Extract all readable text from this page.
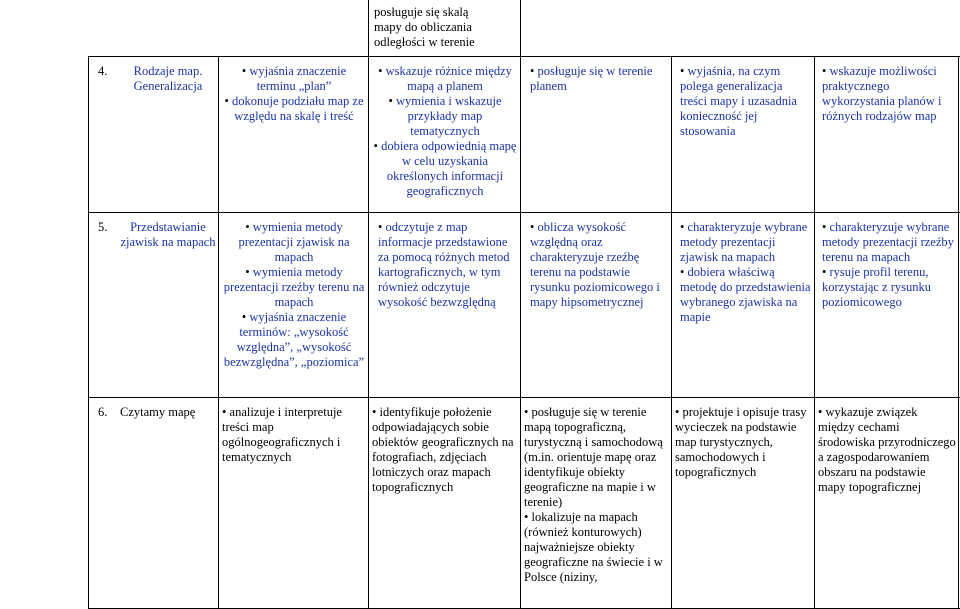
posługuje się skalą
mapy do obliczania
odległości w terenie
4.	Rodzaje map. Generalizacja
• wyjaśnia znaczenie terminu „plan”
• dokonuje podziału map ze względu na skalę i treść
• wskazuje różnice między mapą a planem
• wymienia i wskazuje przykłady map tematycznych
• dobiera odpowiednią mapę w celu uzyskania określonych informacji geograficznych
• posługuje się w terenie planem
• wyjaśnia, na czym polega generalizacja treści mapy i uzasadnia konieczność jej stosowania
• wskazuje możliwości praktycznego wykorzystania planów i różnych rodzajów map
5.	Przedstawianie zjawisk na mapach
• wymienia metody prezentacji zjawisk na mapach
• wymienia metody prezentacji rzeźby terenu na mapach
• wyjaśnia znaczenie terminów: „wysokość względna”, „wysokość bezwzględna”, „poziomica”
• odczytuje z map informacje przedstawione za pomocą różnych metod kartograficznych, w tym również odczytuje wysokość bezwzględną
• oblicza wysokość względną oraz charakteryzuje rzeźbę terenu na podstawie rysunku poziomicowego i mapy hipsometrycznej
• charakteryzuje wybrane metody prezentacji zjawisk na mapach
• dobiera właściwą metodę do przedstawienia wybranego zjawiska na mapie
• charakteryzuje wybrane metody prezentacji rzeźby terenu na mapach
• rysuje profil terenu, korzystając z rysunku poziomicowego
6.	Czytamy mapę
•	analizuje i interpretuje treści map ogólnogeograficznych i tematycznych
• identyfikuje położenie odpowiadających sobie obiektów geograficznych na fotografiach, zdjęciach lotniczych oraz mapach topograficznych
• posługuje się w terenie mapą topograficzną, turystyczną i samochodową (m.in. orientuje mapę oraz identyfikuje obiekty geograficzne na mapie i w terenie)
• lokalizuje na mapach (również konturowych) najważniejsze obiekty geograficzne na świecie i w Polsce (niziny,
• projektuje i opisuje trasy wycieczek na podstawie map turystycznych, samochodowych i topograficznych
• wykazuje związek między cechami środowiska przyrodniczego a zagospodarowaniem obszaru na podstawie mapy topograficznej
